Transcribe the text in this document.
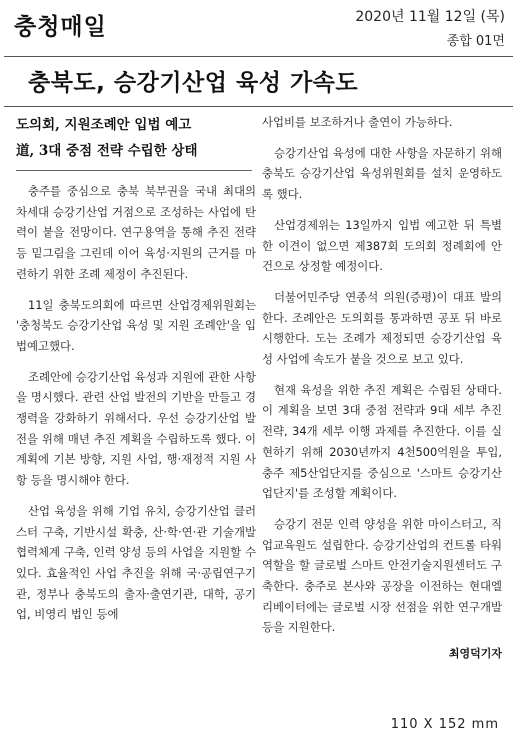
충청매일	2020년 11월 12일 (목)
종합 01면
충북도, 승강기산업 육성 가속도
도의회, 지원조례안 입법 예고
道, 3대 중점 전략 수립한 상태

충주를 중심으로 충북 북부권을 국내 최대의 차세대 승강기산업 거점으로 조성하는 사업에 탄력이 붙을 전망이다. 연구용역을 통해 추진 전략 등 밑그림을 그린데 이어 육성·지원의 근거를 마련하기 위한 조례 제정이 추진된다.

11일 충북도의회에 따르면 산업경제위원회는 '충청북도 승강기산업 육성 및 지원 조례안'을 입법예고했다.

조례안에 승강기산업 육성과 지원에 관한 사항을 명시했다. 관련 산업 발전의 기반을 만들고 경쟁력을 강화하기 위해서다. 우선 승강기산업 발전을 위해 매년 추진 계획을 수립하도록 했다. 이 계획에 기본 방향, 지원 사업, 행·재정적 지원 사항 등을 명시해야 한다.

산업 육성을 위해 기업 유치, 승강기산업 클러스터 구축, 기반시설 확충, 산·학·연·관 기술개발 협력체계 구축, 인력 양성 등의 사업을 지원할 수 있다. 효율적인 사업 추진을 위해 국·공립연구기관, 정부나 충북도의 출자·출연기관, 대학, 공기업, 비영리 법인 등에

사업비를 보조하거나 출연이 가능하다.

승강기산업 육성에 대한 사항을 자문하기 위해 충북도 승강기산업 육성위원회를 설치 운영하도록 했다.

산업경제위는 13일까지 입법 예고한 뒤 특별한 이견이 없으면 제387회 도의회 정례회에 안건으로 상정할 예정이다.

더불어민주당 연종석 의원(증평)이 대표 발의한다. 조례안은 도의회를 통과하면 공포 뒤 바로 시행한다. 도는 조례가 제정되면 승강기산업 육성 사업에 속도가 붙을 것으로 보고 있다.

현재 육성을 위한 추진 계획은 수립된 상태다. 이 계획을 보면 3대 중점 전략과 9대 세부 추진 전략, 34개 세부 이행 과제를 추진한다. 이를 실현하기 위해 2030년까지 4천500억원을 투입, 충주 제5산업단지를 중심으로 '스마트 승강기산업단지'를 조성할 계획이다.

승강기 전문 인력 양성을 위한 마이스터고, 직업교육원도 설립한다. 승강기산업의 컨트롤 타워 역할을 할 글로벌 스마트 안전기술지원센터도 구축한다. 충주로 본사와 공장을 이전하는 현대엘리베이터에는 글로벌 시장 선점을 위한 연구개발 등을 지원한다.

최영덕기자
110 X 152 mm
